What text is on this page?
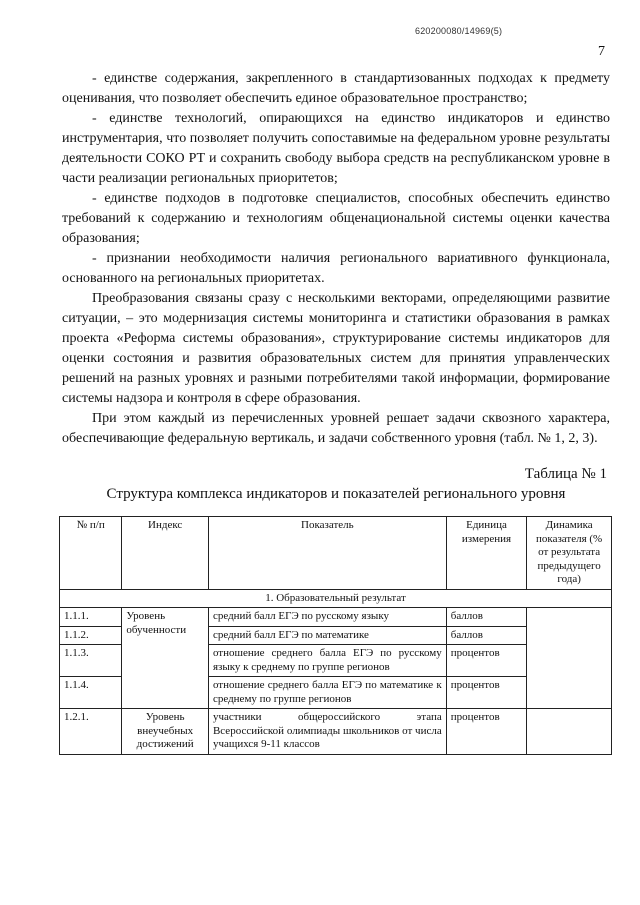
620200080/14969(5)
7

- единстве содержания, закрепленного в стандартизованных подходах к предмету оценивания, что позволяет обеспечить единое образовательное пространство;

- единстве технологий, опирающихся на единство индикаторов и единство инструментария, что позволяет получить сопоставимые на федеральном уровне результаты деятельности СОКО РТ и сохранить свободу выбора средств на республиканском уровне в части реализации региональных приоритетов;

- единстве подходов в подготовке специалистов, способных обеспечить единство требований к содержанию и технологиям общенациональной системы оценки качества образования;

- признании необходимости наличия регионального вариативного функционала, основанного на региональных приоритетах.

Преобразования связаны сразу с несколькими векторами, определяющими развитие ситуации, – это модернизация системы мониторинга и статистики образования в рамках проекта «Реформа системы образования», структурирование системы индикаторов для оценки состояния и развития образовательных систем для принятия управленческих решений на разных уровнях и разными потребителями такой информации, формирование системы надзора и контроля в сфере образования.

При этом каждый из перечисленных уровней решает задачи сквозного характера, обеспечивающие федеральную вертикаль, и задачи собственного уровня (табл. № 1, 2, 3).

Таблица № 1
Структура комплекса индикаторов и показателей регионального уровня
№ п/п	Индекс	Показатель	Единица измерения	Динамика показателя (% от результата предыдущего года)
1. Образовательный результат				
1.1.1.	Уровень обученности	средний балл ЕГЭ по русскому языку	баллов	
1.1.2.		средний балл ЕГЭ по математике	баллов	
1.1.3.		отношение среднего балла ЕГЭ по русскому языку к среднему по группе регионов	процентов	
1.1.4.		отношение среднего балла ЕГЭ по математике к среднему по группе регионов	процентов	
1.2.1.	Уровень внеучебных достижений	участники общероссийского этапа Всероссийской олимпиады школьников от числа учащихся 9-11 классов	процентов	
